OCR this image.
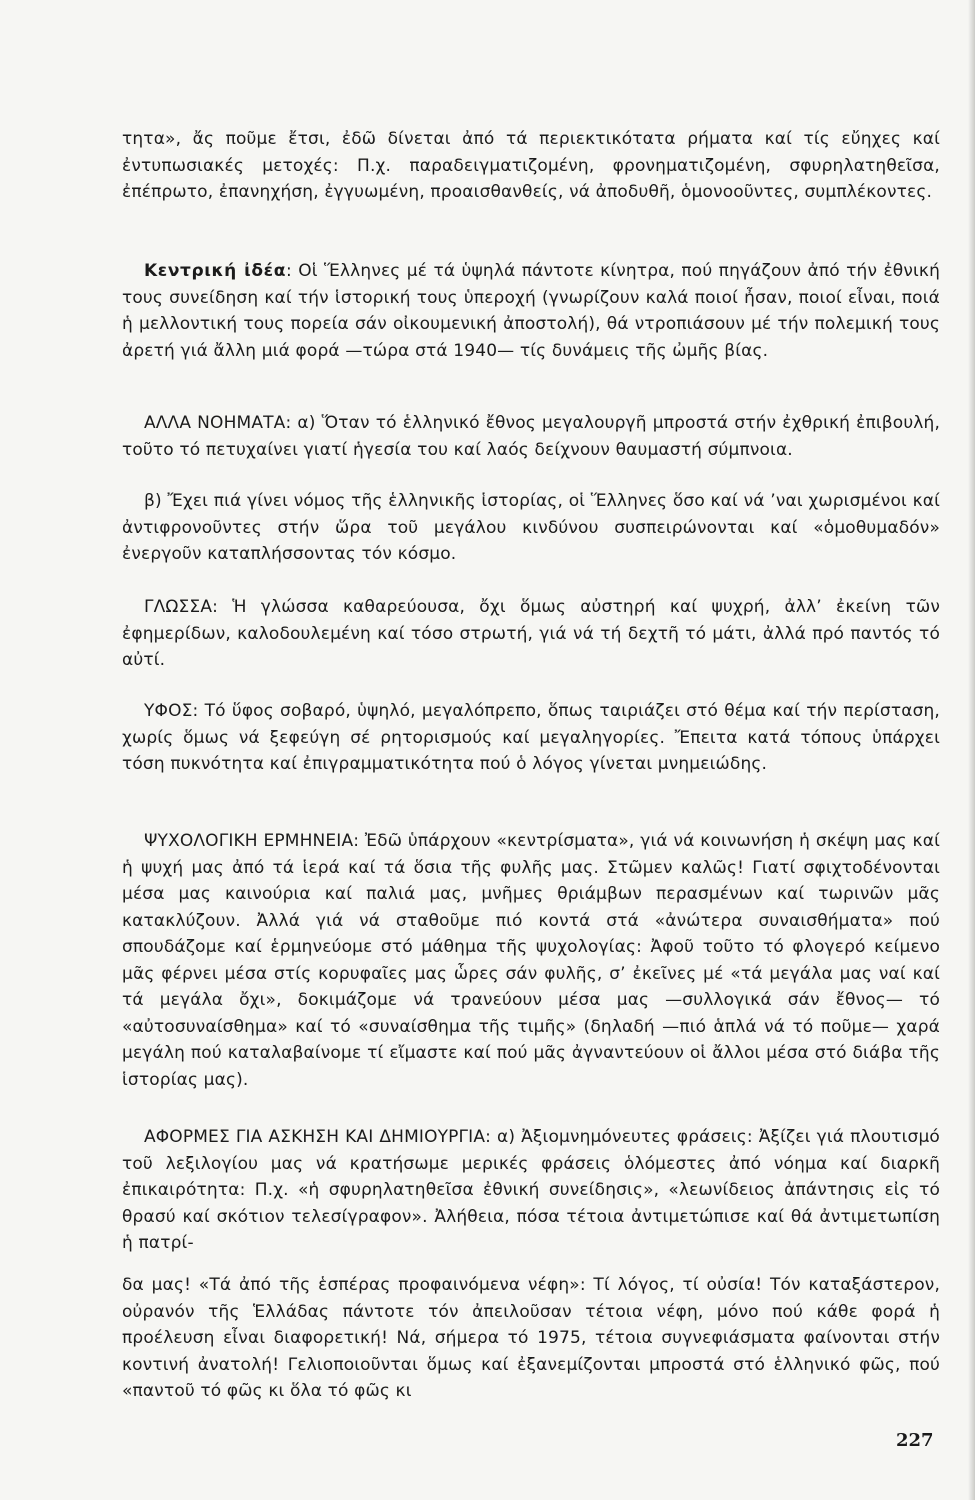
τητα», ἄς ποῦμε ἔτσι, ἐδῶ δίνεται ἀπό τά περιεκτικότατα ρήματα καί τίς εὔηχες καί ἐντυπωσιακές μετοχές: Π.χ. παραδειγματιζομένη, φρονηματιζομένη, σφυρηλατηθεῖσα, ἐπέπρωτο, ἐπανηχήση, ἐγγυωμένη, προαισθανθείς, νά ἀποδυθῆ, ὁμονοοῦντες, συμπλέκοντες.

Κεντρική ἰδέα: Οἱ Ἕλληνες μέ τά ὑψηλά πάντοτε κίνητρα, πού πηγάζουν ἀπό τήν ἐθνική τους συνείδηση καί τήν ἱστορική τους ὑπεροχή (γνωρίζουν καλά ποιοί ἦσαν, ποιοί εἶναι, ποιά ἡ μελλοντική τους πορεία σάν οἰκουμενική ἀποστολή), θά ντροπιάσουν μέ τήν πολεμική τους ἀρετή γιά ἄλλη μιά φορά —τώρα στά 1940— τίς δυνάμεις τῆς ὠμῆς βίας.

ΑΛΛΑ ΝΟΗΜΑΤΑ: α) Ὅταν τό ἑλληνικό ἔθνος μεγαλουργῆ μπροστά στήν ἐχθρική ἐπιβουλή, τοῦτο τό πετυχαίνει γιατί ἡγεσία του καί λαός δείχνουν θαυμαστή σύμπνοια.

β) Ἔχει πιά γίνει νόμος τῆς ἑλληνικῆς ἱστορίας, οἱ Ἕλληνες ὅσο καί νά ’ναι χωρισμένοι καί ἀντιφρονοῦντες στήν ὥρα τοῦ μεγάλου κινδύνου συσπειρώνονται καί «ὁμοθυμαδόν» ἐνεργοῦν καταπλήσσοντας τόν κόσμο.

ΓΛΩΣΣΑ: Ἡ γλώσσα καθαρεύουσα, ὄχι ὅμως αὐστηρή καί ψυχρή, ἀλλ’ ἐκείνη τῶν ἐφημερίδων, καλοδουλεμένη καί τόσο στρωτή, γιά νά τή δεχτῆ τό μάτι, ἀλλά πρό παντός τό αὐτί.

ΥΦΟΣ: Τό ὕφος σοβαρό, ὑψηλό, μεγαλόπρεπο, ὅπως ταιριάζει στό θέμα καί τήν περίσταση, χωρίς ὅμως νά ξεφεύγη σέ ρητορισμούς καί μεγαληγορίες. Ἔπειτα κατά τόπους ὑπάρχει τόση πυκνότητα καί ἐπιγραμματικότητα πού ὁ λόγος γίνεται μνημειώδης.

ΨΥΧΟΛΟΓΙΚΗ ΕΡΜΗΝΕΙΑ: Ἐδῶ ὑπάρχουν «κεντρίσματα», γιά νά κοινωνήση ἡ σκέψη μας καί ἡ ψυχή μας ἀπό τά ἱερά καί τά ὅσια τῆς φυλῆς μας. Στῶμεν καλῶς! Γιατί σφιχτοδένονται μέσα μας καινούρια καί παλιά μας, μνῆμες θριάμβων περασμένων καί τωρινῶν μᾶς κατακλύζουν. Ἀλλά γιά νά σταθοῦμε πιό κοντά στά «ἀνώτερα συναισθήματα» πού σπουδάζομε καί ἑρμηνεύομε στό μάθημα τῆς ψυχολογίας: Ἀφοῦ τοῦτο τό φλογερό κείμενο μᾶς φέρνει μέσα στίς κορυφαῖες μας ὧρες σάν φυλῆς, σ’ ἐκεῖνες μέ «τά μεγάλα μας ναί καί τά μεγάλα ὄχι», δοκιμάζομε νά τρανεύουν μέσα μας —συλλογικά σάν ἔθνος— τό «αὐτοσυναίσθημα» καί τό «συναίσθημα τῆς τιμῆς» (δηλαδή —πιό ἁπλά νά τό ποῦμε— χαρά μεγάλη πού καταλαβαίνομε τί εἴμαστε καί πού μᾶς ἀγναντεύουν οἱ ἄλλοι μέσα στό διάβα τῆς ἱστορίας μας).

ΑΦΟΡΜΕΣ ΓΙΑ ΑΣΚΗΣΗ ΚΑΙ ΔΗΜΙΟΥΡΓΙΑ: α) Ἀξιομνημόνευτες φράσεις: Ἀξίζει γιά πλουτισμό τοῦ λεξιλογίου μας νά κρατήσωμε μερικές φράσεις ὁλόμεστες ἀπό νόημα καί διαρκῆ ἐπικαιρότητα: Π.χ. «ἡ σφυρηλατηθεῖσα ἐθνική συνείδησις», «λεωνίδειος ἀπάντησις εἰς τό θρασύ καί σκότιον τελεσίγραφον». Ἀλήθεια, πόσα τέτοια ἀντιμετώπισε καί θά ἀντιμετωπίση ἡ πατρί-

δα μας! «Τά ἀπό τῆς ἑσπέρας προφαινόμενα νέφη»: Τί λόγος, τί οὐσία! Τόν καταξάστερον, οὐρανόν τῆς Ἑλλάδας πάντοτε τόν ἀπειλοῦσαν τέτοια νέφη, μόνο πού κάθε φορά ἡ προέλευση εἶναι διαφορετική! Νά, σήμερα τό 1975, τέτοια συγνεφιάσματα φαίνονται στήν κοντινή ἀνατολή! Γελιοποιοῦνται ὅμως καί ἐξανεμίζονται μπροστά στό ἑλληνικό φῶς, πού «παντοῦ τό φῶς κι ὅλα τό φῶς κι

227
